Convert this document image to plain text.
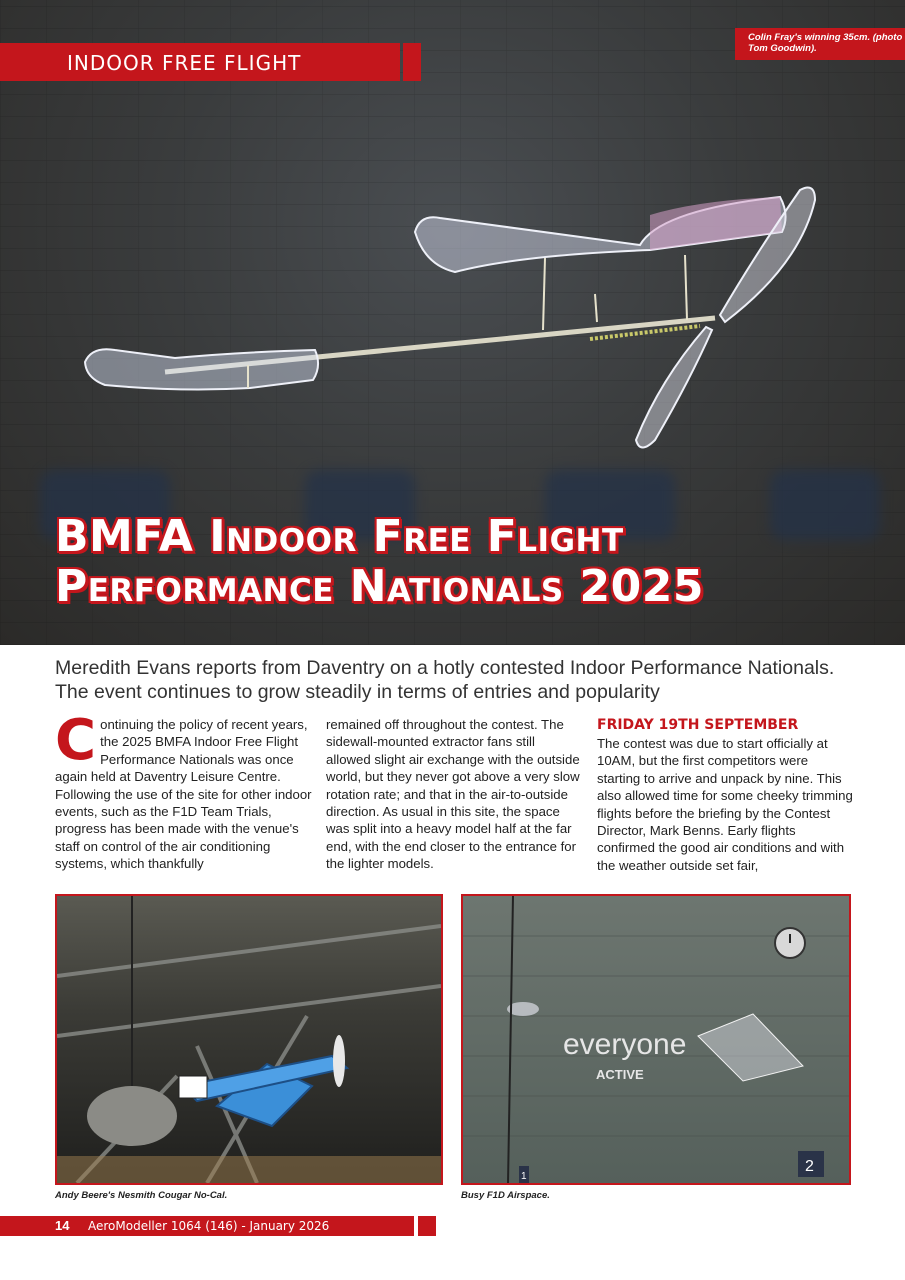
BMFA Indoor Free Flight
Performance Nationals 2025
INDOOR FREE FLIGHT
Colin Fray's winning 35cm. (photo Tom Goodwin).

Meredith Evans reports from Daventry on a hotly contested Indoor Performance Nationals. The event continues to grow steadily in terms of entries and popularity

C ontinuing the policy of recent years, the 2025 BMFA Indoor Free Flight Performance Nationals was once again held at Daventry Leisure Centre. Following the use of the site for other indoor events, such as the F1D Team Trials, progress has been made with the venue's staff on control of the air conditioning systems, which thankfully

remained off throughout the contest. The sidewall-mounted extractor fans still allowed slight air exchange with the outside world, but they never got above a very slow rotation rate; and that in the air-to-outside direction. As usual in this site, the space was split into a heavy model half at the far end, with the end closer to the entrance for the lighter models.

FRIDAY 19TH SEPTEMBER

The contest was due to start officially at 10AM, but the first competitors were starting to arrive and unpack by nine. This also allowed time for some cheeky trimming flights before the briefing by the Contest Director, Mark Benns. Early flights confirmed the good air conditions and with the weather outside set fair,

Andy Beere's Nesmith Cougar No-Cal.
everyone
ACTIVE
2
1
Busy F1D Airspace.
14 AeroModeller 1064 (146) - January 2026
